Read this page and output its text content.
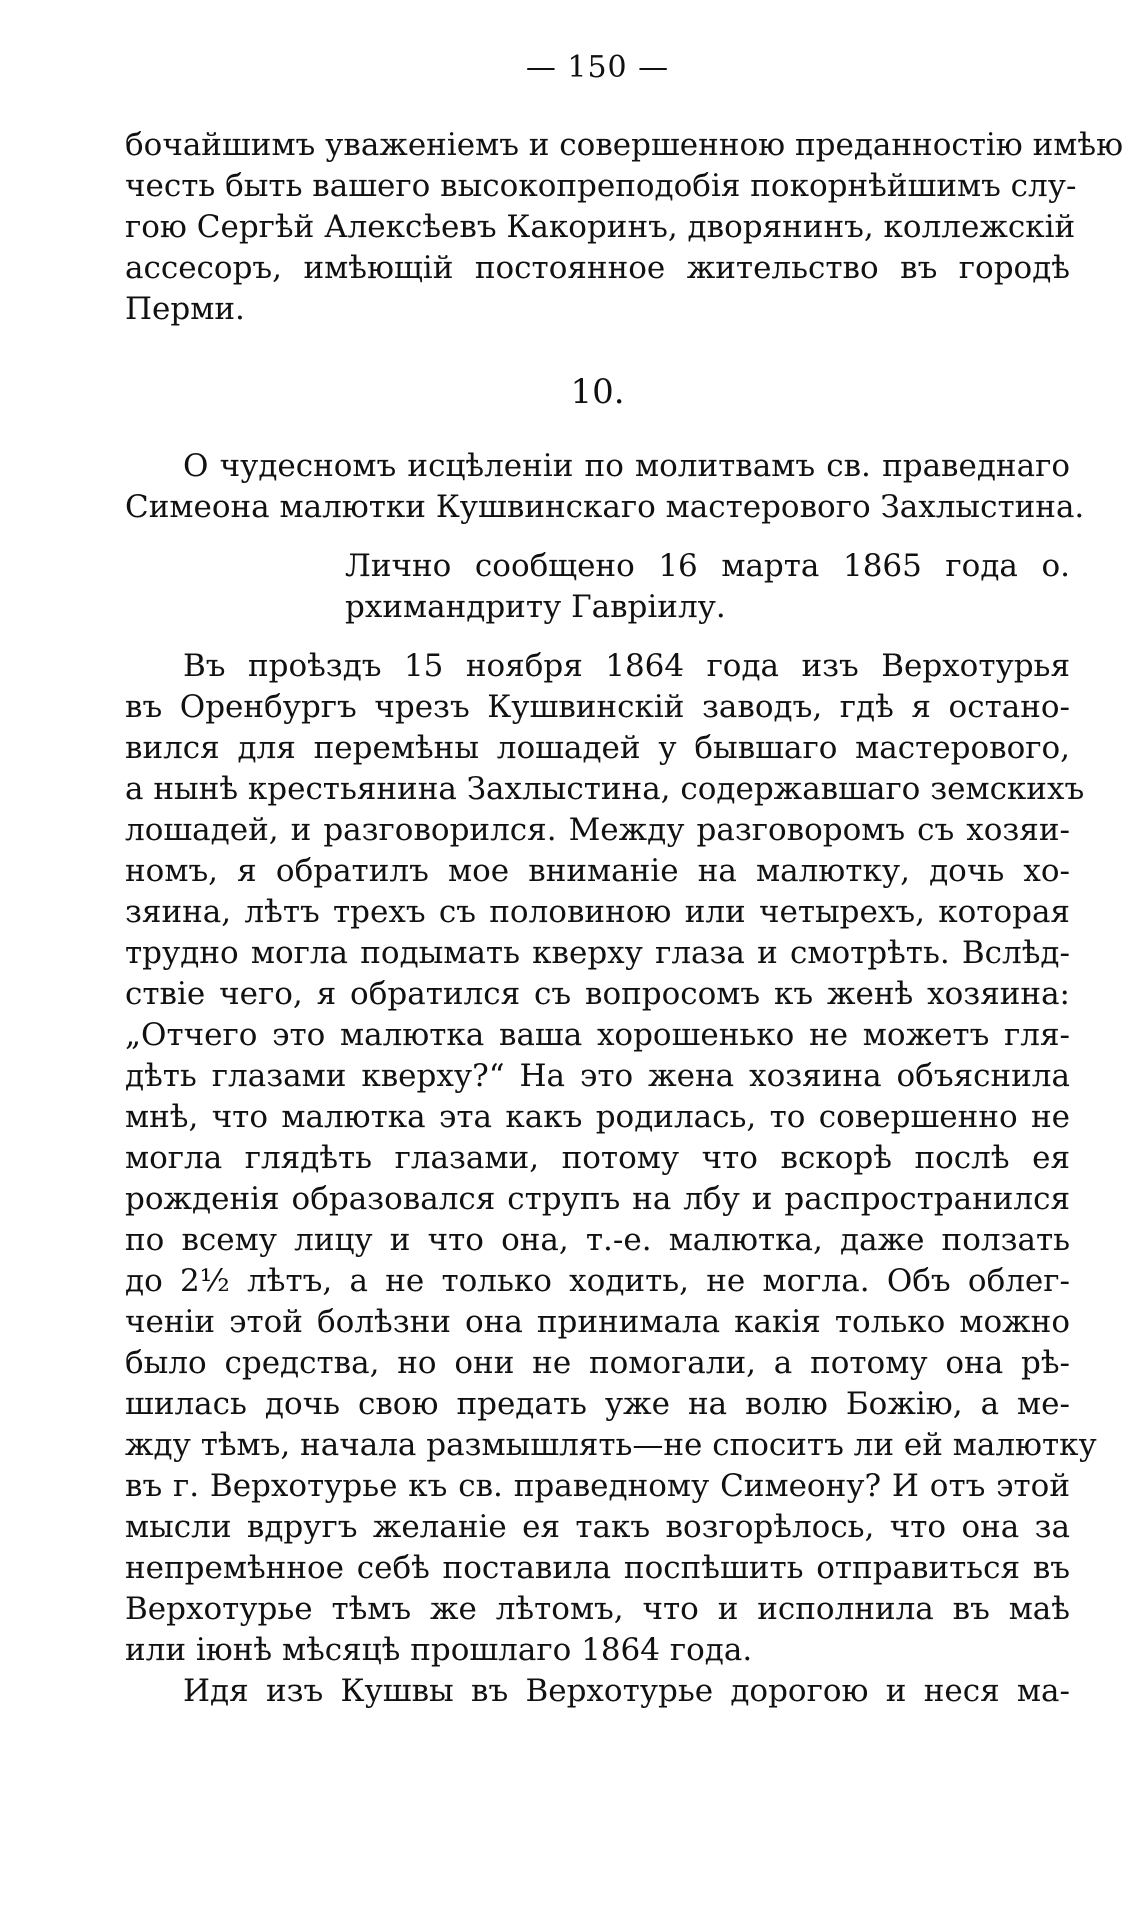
— 150 —
бочайшимъ уваженіемъ и совершенною преданностію имѣю
честь быть вашего высокопреподобія покорнѣйшимъ слу-
гою Сергѣй Алексѣевъ Какоринъ, дворянинъ, коллежскій
ассесоръ, имѣющій постоянное жительство въ городѣ
Перми.
10.
О чудесномъ исцѣленіи по молитвамъ св. праведнаго
Симеона малютки Кушвинскаго мастерового Захлыстина.
Лично сообщено 16 марта 1865 года о.
рхимандриту Гавріилу.
Въ проѣздъ 15 ноября 1864 года изъ Верхотурья
въ Оренбургъ чрезъ Кушвинскій заводъ, гдѣ я остано-
вился для перемѣны лошадей у бывшаго мастерового,
а нынѣ крестьянина Захлыстина, содержавшаго земскихъ
лошадей, и разговорился. Между разговоромъ съ хозяи-
номъ, я обратилъ мое вниманіе на малютку, дочь хо-
зяина, лѣтъ трехъ съ половиною или четырехъ, которая
трудно могла подымать кверху глаза и смотрѣть. Вслѣд-
ствіе чего, я обратился съ вопросомъ къ женѣ хозяина:
„Отчего это малютка ваша хорошенько не можетъ гля-
дѣть глазами кверху?“ На это жена хозяина объяснила
мнѣ, что малютка эта какъ родилась, то совершенно не
могла глядѣть глазами, потому что вскорѣ послѣ ея
рожденія образовался струпъ на лбу и распространился
по всему лицу и что она, т.-е. малютка, даже ползать
до 2½ лѣтъ, а не только ходить, не могла. Объ облег-
ченіи этой болѣзни она принимала какія только можно
было средства, но они не помогали, а потому она рѣ-
шилась дочь свою предать уже на волю Божію, а ме-
жду тѣмъ, начала размышлять—не споситъ ли ей малютку
въ г. Верхотурье къ св. праведному Симеону? И отъ этой
мысли вдругъ желаніе ея такъ возгорѣлось, что она за
непремѣнное себѣ поставила поспѣшить отправиться въ
Верхотурье тѣмъ же лѣтомъ, что и исполнила въ маѣ
или іюнѣ мѣсяцѣ прошлаго 1864 года.
Идя изъ Кушвы въ Верхотурье дорогою и неся ма-
